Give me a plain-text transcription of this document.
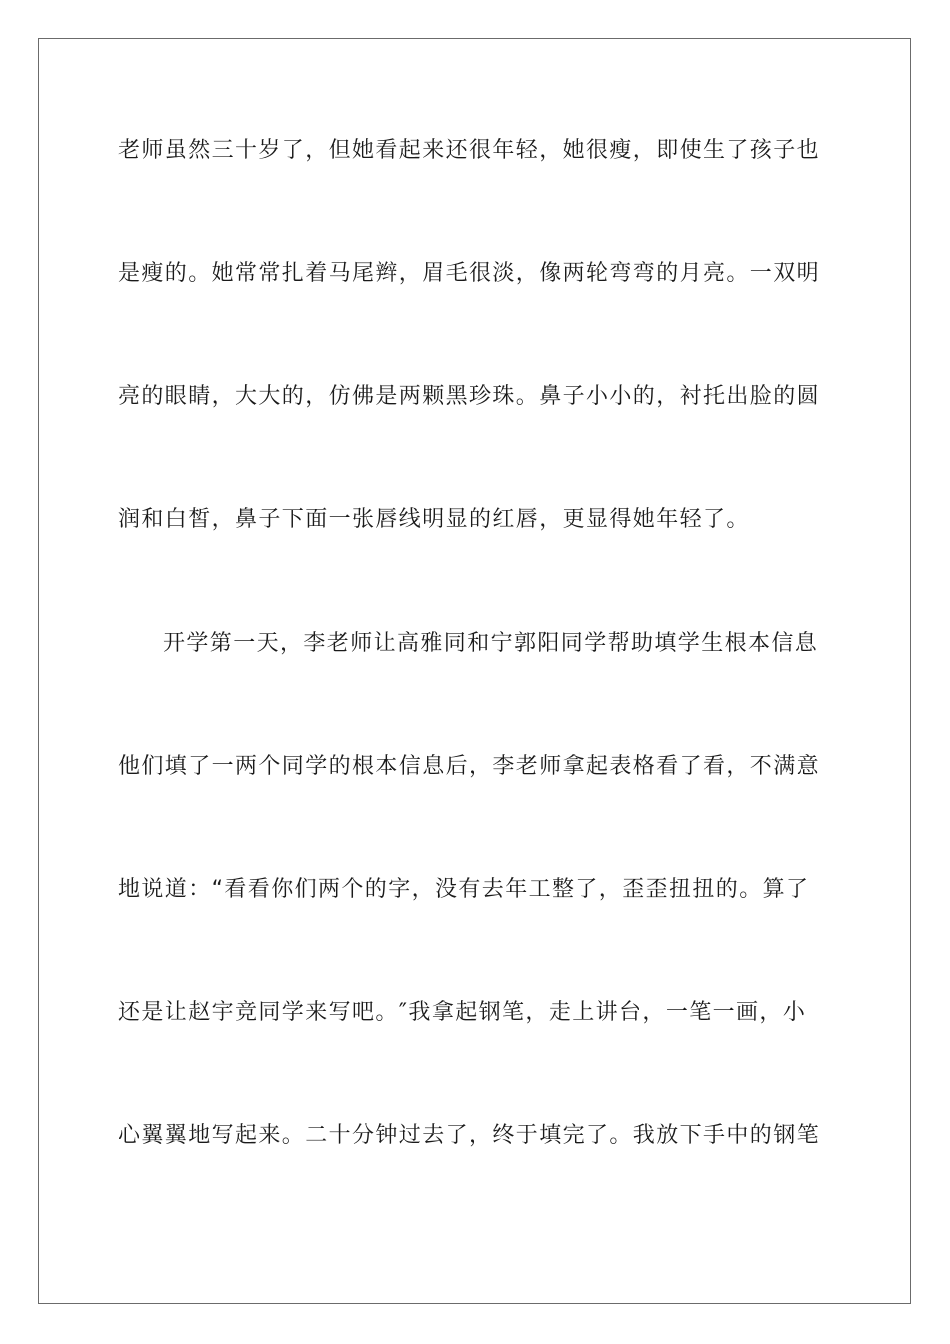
老师虽然三十岁了，但她看起来还很年轻，她很瘦，即使生了孩子也
是瘦的。她常常扎着马尾辫，眉毛很淡，像两轮弯弯的月亮。一双明
亮的眼睛，大大的，仿佛是两颗黑珍珠。鼻子小小的，衬托出脸的圆
润和白皙，鼻子下面一张唇线明显的红唇，更显得她年轻了。
开学第一天，李老师让高雅同和宁郭阳同学帮助填学生根本信息
他们填了一两个同学的根本信息后，李老师拿起表格看了看，不满意
地说道：“看看你们两个的字，没有去年工整了，歪歪扭扭的。算了
还是让赵宇竞同学来写吧。″我拿起钢笔，走上讲台，一笔一画，小
心翼翼地写起来。二十分钟过去了，终于填完了。我放下手中的钢笔
